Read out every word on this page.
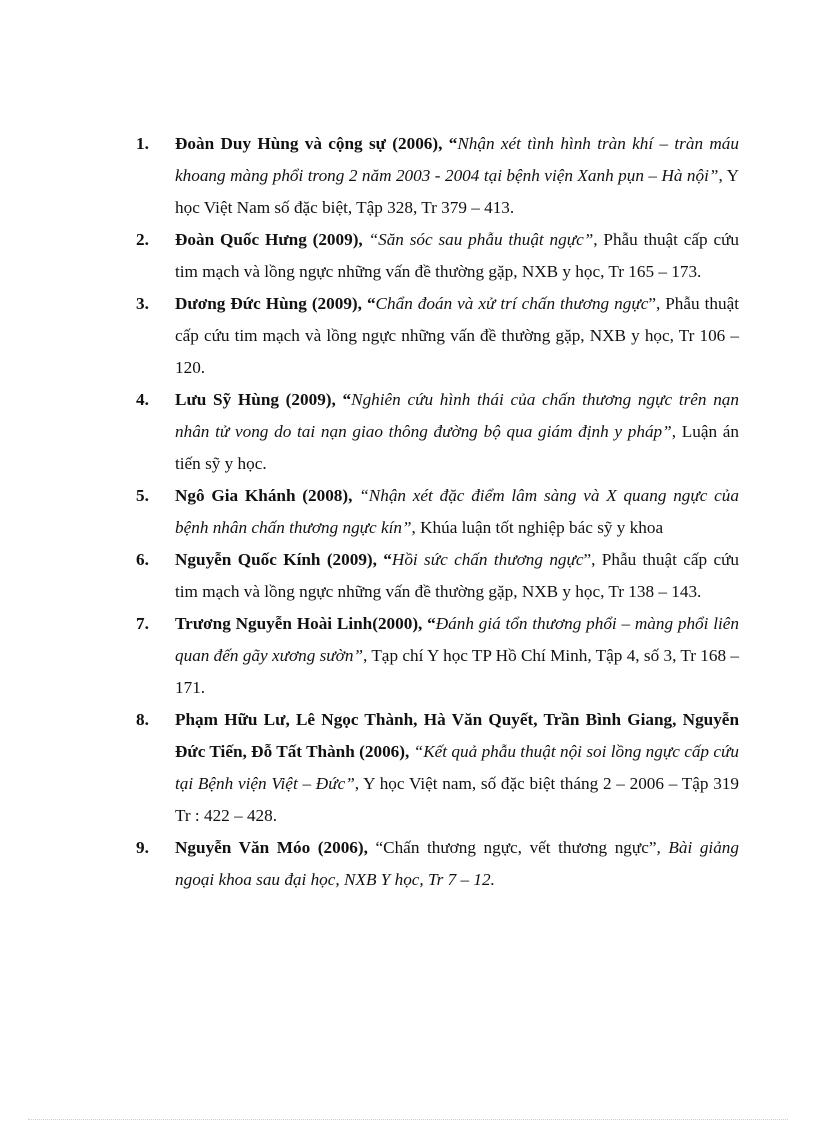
1. Đoàn Duy Hùng và cộng sự (2006), “Nhận xét tình hình tràn khí – tràn máu khoang màng phổi trong 2 năm 2003 - 2004 tại bệnh viện Xanh pụn – Hà nội”, Y học Việt Nam số đặc biệt, Tập 328, Tr 379 – 413.
2. Đoàn Quốc Hưng (2009), “Săn sóc sau phẫu thuật ngực”, Phẫu thuật cấp cứu tim mạch và lồng ngực những vấn đề thường gặp, NXB y học, Tr 165 – 173.
3. Dương Đức Hùng (2009), “Chẩn đoán và xử trí chấn thương ngực”, Phẫu thuật cấp cứu tim mạch và lồng ngực những vấn đề thường gặp, NXB y học, Tr 106 – 120.
4. Lưu Sỹ Hùng (2009), “Nghiên cứu hình thái của chấn thương ngực trên nạn nhân tử vong do tai nạn giao thông đường bộ qua giám định y pháp”, Luận án tiến sỹ y học.
5. Ngô Gia Khánh (2008), “Nhận xét đặc điểm lâm sàng và X quang ngực của bệnh nhân chấn thương ngực kín”, Khúa luận tốt nghiệp bác sỹ y khoa
6. Nguyễn Quốc Kính (2009), “Hồi sức chấn thương ngực”, Phẫu thuật cấp cứu tim mạch và lồng ngực những vấn đề thường gặp, NXB y học, Tr 138 – 143.
7. Trương Nguyễn Hoài Linh(2000), “Đánh giá tổn thương phổi – màng phổi liên quan đến gãy xương sườn”, Tạp chí Y học TP Hồ Chí Minh, Tập 4, số 3, Tr 168 – 171.
8. Phạm Hữu Lư, Lê Ngọc Thành, Hà Văn Quyết, Trần Bình Giang, Nguyễn Đức Tiến, Đỗ Tất Thành (2006), “Kết quả phẫu thuật nội soi lồng ngực cấp cứu tại Bệnh viện Việt – Đức”, Y học Việt nam, số đặc biệt tháng 2 – 2006 – Tập 319 Tr : 422 – 428.
9. Nguyễn Văn Móo (2006), “Chấn thương ngực, vết thương ngực”, Bài giảng ngoại khoa sau đại học, NXB Y học, Tr 7 – 12.
